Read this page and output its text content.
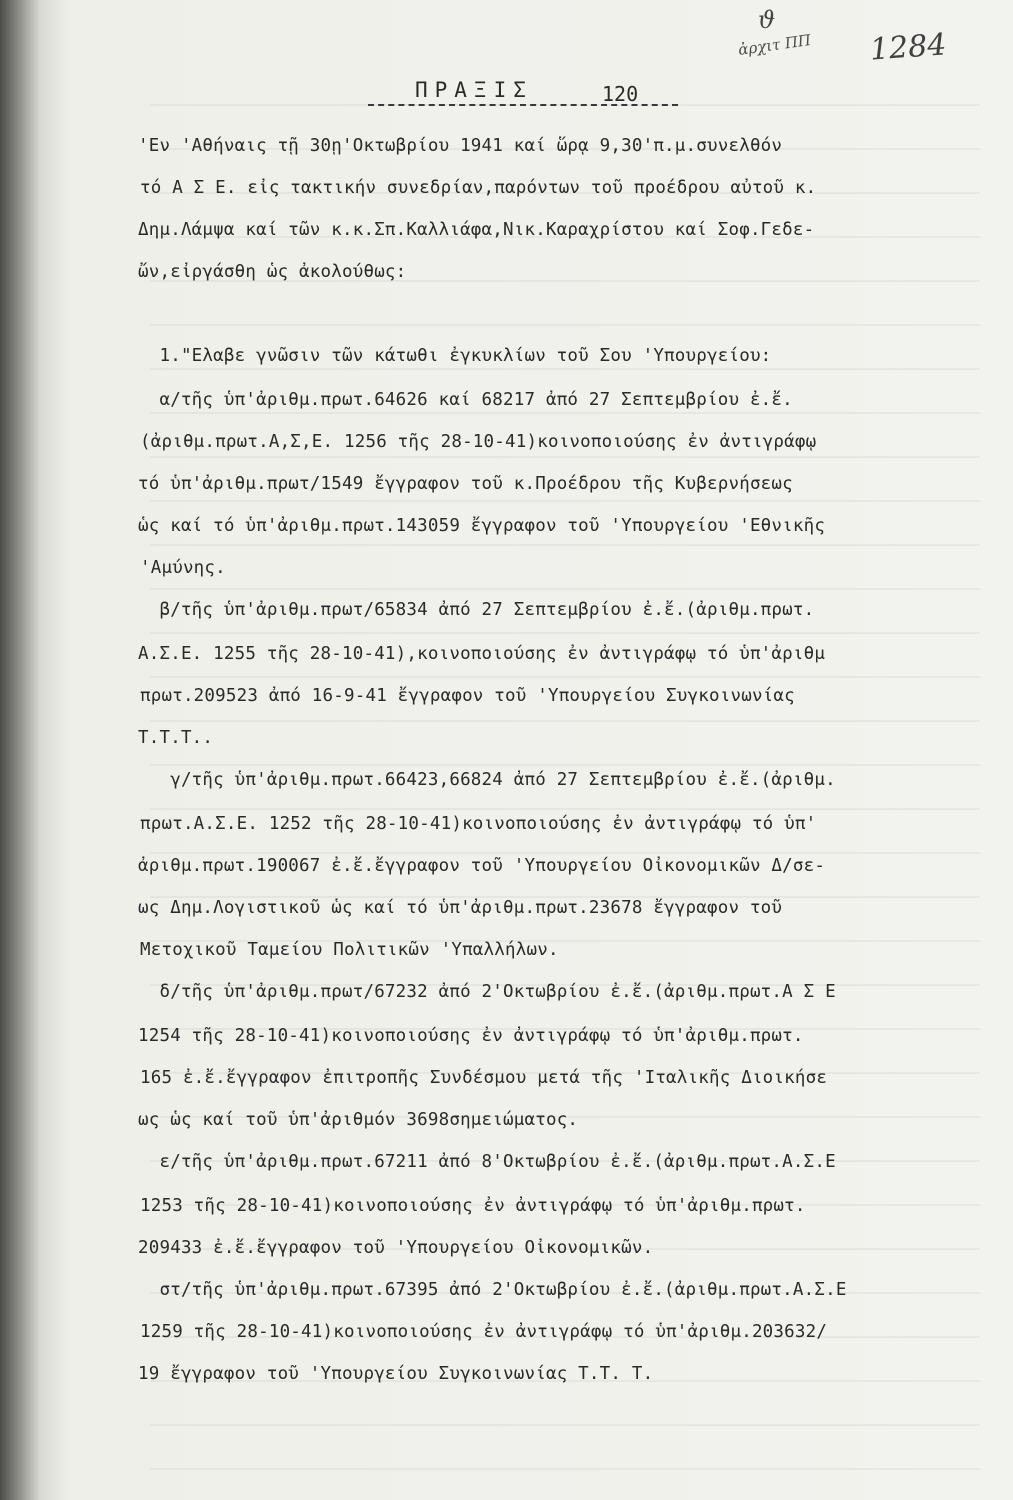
ϑ
ἀρχιτ ΠΠ 1284
ΠΡΑΞΙΣ	120
'Εν 'Αθήναις τῇ 30ῃ'Οκτωβρίου 1941 καί ὥρᾳ 9,30'π.μ.συνελθόν
τό Α Σ Ε. εἰς τακτικήν συνεδρίαν,παρόντων τοῦ προέδρου αὐτοῦ κ.
Δημ.Λάμψα καί τῶν κ.κ.Σπ.Καλλιάφα,Νικ.Καραχρίστου καί Σοφ.Γεδε-
ὤν,εἰργάσθη ὡς ἀκολούθως:
1."Ελαβε γνῶσιν τῶν κάτωθι ἐγκυκλίων τοῦ Σου 'Υπουργείου:
α/τῆς ὑπ'ἀριθμ.πρωτ.64626 καί 68217 ἀπό 27 Σεπτεμβρίου ἐ.ἔ.
(ἀριθμ.πρωτ.Α,Σ,Ε. 1256 τῆς 28-10-41)κοινοποιούσης ἐν ἀντιγράφῳ
τό ὑπ'ἀριθμ.πρωτ/1549 ἔγγραφον τοῦ κ.Προέδρου τῆς Κυβερνήσεως
ὡς καί τό ὑπ'ἀριθμ.πρωτ.143059 ἔγγραφον τοῦ 'Υπουργείου 'Εθνικῆς
'Αμύνης.
β/τῆς ὑπ'ἀριθμ.πρωτ/65834 ἀπό 27 Σεπτεμβρίου ἐ.ἔ.(ἀριθμ.πρωτ.
Α.Σ.Ε. 1255 τῆς 28-10-41),κοινοποιούσης ἐν ἀντιγράφῳ τό ὑπ'ἀριθμ
πρωτ.209523 ἀπό 16-9-41 ἔγγραφον τοῦ 'Υπουργείου Συγκοινωνίας
Τ.Τ.Τ..
γ/τῆς ὑπ'ἀριθμ.πρωτ.66423,66824 ἀπό 27 Σεπτεμβρίου ἐ.ἔ.(ἀριθμ.
πρωτ.Α.Σ.Ε. 1252 τῆς 28-10-41)κοινοποιούσης ἐν ἀντιγράφῳ τό ὑπ'
ἀριθμ.πρωτ.190067 ἐ.ἔ.ἔγγραφον τοῦ 'Υπουργείου Οἰκονομικῶν Δ/σε-
ως Δημ.Λογιστικοῦ ὡς καί τό ὑπ'ἀριθμ.πρωτ.23678 ἔγγραφον τοῦ
Μετοχικοῦ Ταμείου Πολιτικῶν 'Υπαλλήλων.
δ/τῆς ὑπ'ἀριθμ.πρωτ/67232 ἀπό 2'Οκτωβρίου ἐ.ἔ.(ἀριθμ.πρωτ.Α Σ Ε
1254 τῆς 28-10-41)κοινοποιούσης ἐν ἀντιγράφῳ τό ὑπ'ἀριθμ.πρωτ.
165 ἐ.ἔ.ἔγγραφον ἐπιτροπῆς Συνδέσμου μετά τῆς 'Ιταλικῆς Διοικήσε
ως ὡς καί τοῦ ὑπ'ἀριθμόν 3698σημειώματος.
ε/τῆς ὑπ'ἀριθμ.πρωτ.67211 ἀπό 8'Οκτωβρίου ἐ.ἔ.(ἀριθμ.πρωτ.Α.Σ.Ε
1253 τῆς 28-10-41)κοινοποιούσης ἐν ἀντιγράφῳ τό ὑπ'ἀριθμ.πρωτ.
209433 ἐ.ἔ.ἔγγραφον τοῦ 'Υπουργείου Οἰκονομικῶν.
στ/τῆς ὑπ'ἀριθμ.πρωτ.67395 ἀπό 2'Οκτωβρίου ἐ.ἔ.(ἀριθμ.πρωτ.Α.Σ.Ε
1259 τῆς 28-10-41)κοινοποιούσης ἐν ἀντιγράφῳ τό ὑπ'ἀριθμ.203632/
19 ἔγγραφον τοῦ 'Υπουργείου Συγκοινωνίας Τ.Τ. Τ.
